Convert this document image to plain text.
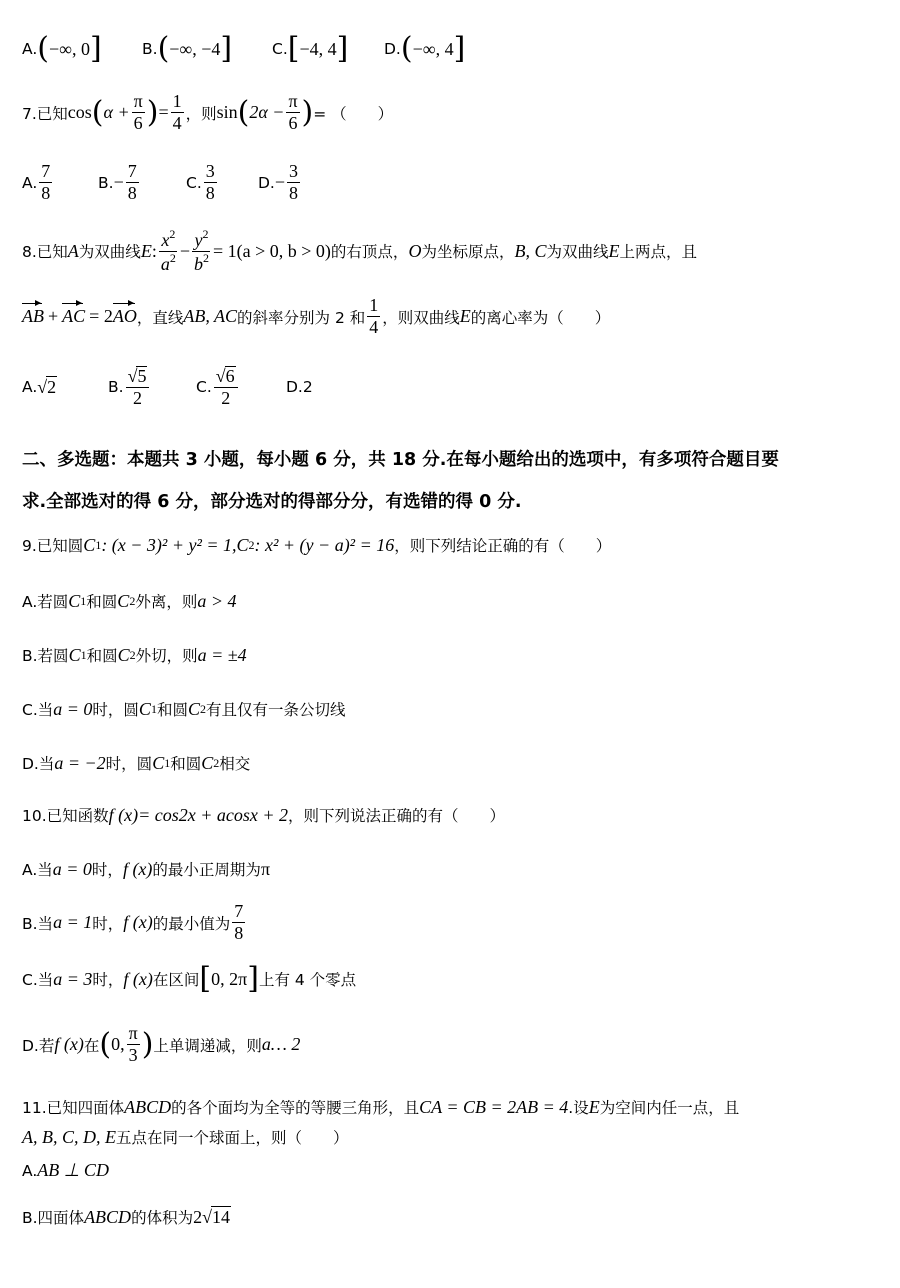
A. ( −∞, 0 ]	B. ( −∞, −4 ]	C. [ −4, 4 ] D. ( −∞, 4 ]
7.已知 cos ( $\alpha + \frac{\pi}{6}$ ) = $\frac{1}{4}$ ，则 sin ( $2\alpha - \frac{\pi}{6}$ ) = （　　）
A. $\frac{7}{8}$	B. − $\frac{7}{8}$	C. $\frac{3}{8}$	D. − $\frac{3}{8}$
8.已知 A 为双曲线 E : $\frac{x^2}{a^2} - \frac{y^2}{b^2} = 1(a > 0$, b > 0) 的右顶点， O 为坐标原点， B, C 为双曲线 E 上两点，且
AB + AC = 2 AO ，直线 AB, AC 的斜率分别为 2 和 $\frac{1}{4}$ ，则双曲线 E 的离心率为（　　）
A. √ 2	B. $\frac{√5}{2}$	C. $\frac{√6}{2}$	D.2
二、多选题：本题共 3 小题，每小题 6 分，共 18 分.在每小题给出的选项中，有多项符合题目要
求.全部选对的得 6 分，部分选对的得部分分，有选错的得 0 分.
9.已知圆 C 1 : (x − 3)² + y² = 1, C 2 : x² + (y − a)² = 16 ，则下列结论正确的有（　　）
A.若圆 C 1 和圆 C 2 外离，则 a > 4
B.若圆 C 1 和圆 C 2 外切，则 a = ±4
C.当 a = 0 时，圆 C 1 和圆 C 2 有且仅有一条公切线
D.当 a = −2 时，圆 C 1 和圆 C 2 相交
10.已知函数 f (x) = cos2x + acosx + 2 ，则下列说法正确的有（　　）
A.当 a = 0 时， f (x) 的最小正周期为 π
B.当 a = 1 时， f (x) 的最小值为 $\frac{7}{8}$
C.当 a = 3 时， f (x) 在区间 [ 0, 2π ] 上有 4 个零点
D.若 f (x) 在 ( 0, $\frac{\pi}{3}$ ) 上单调递减，则 a… 2
11.已知四面体 ABCD 的各个面均为全等的等腰三角形，且 CA = CB = 2AB = 4 .设 E 为空间内任一点，且
A, B, C, D, E 五点在同一个球面上，则（　　）
A. AB ⊥ CD
B.四面体 ABCD 的体积为 2 √ 14
